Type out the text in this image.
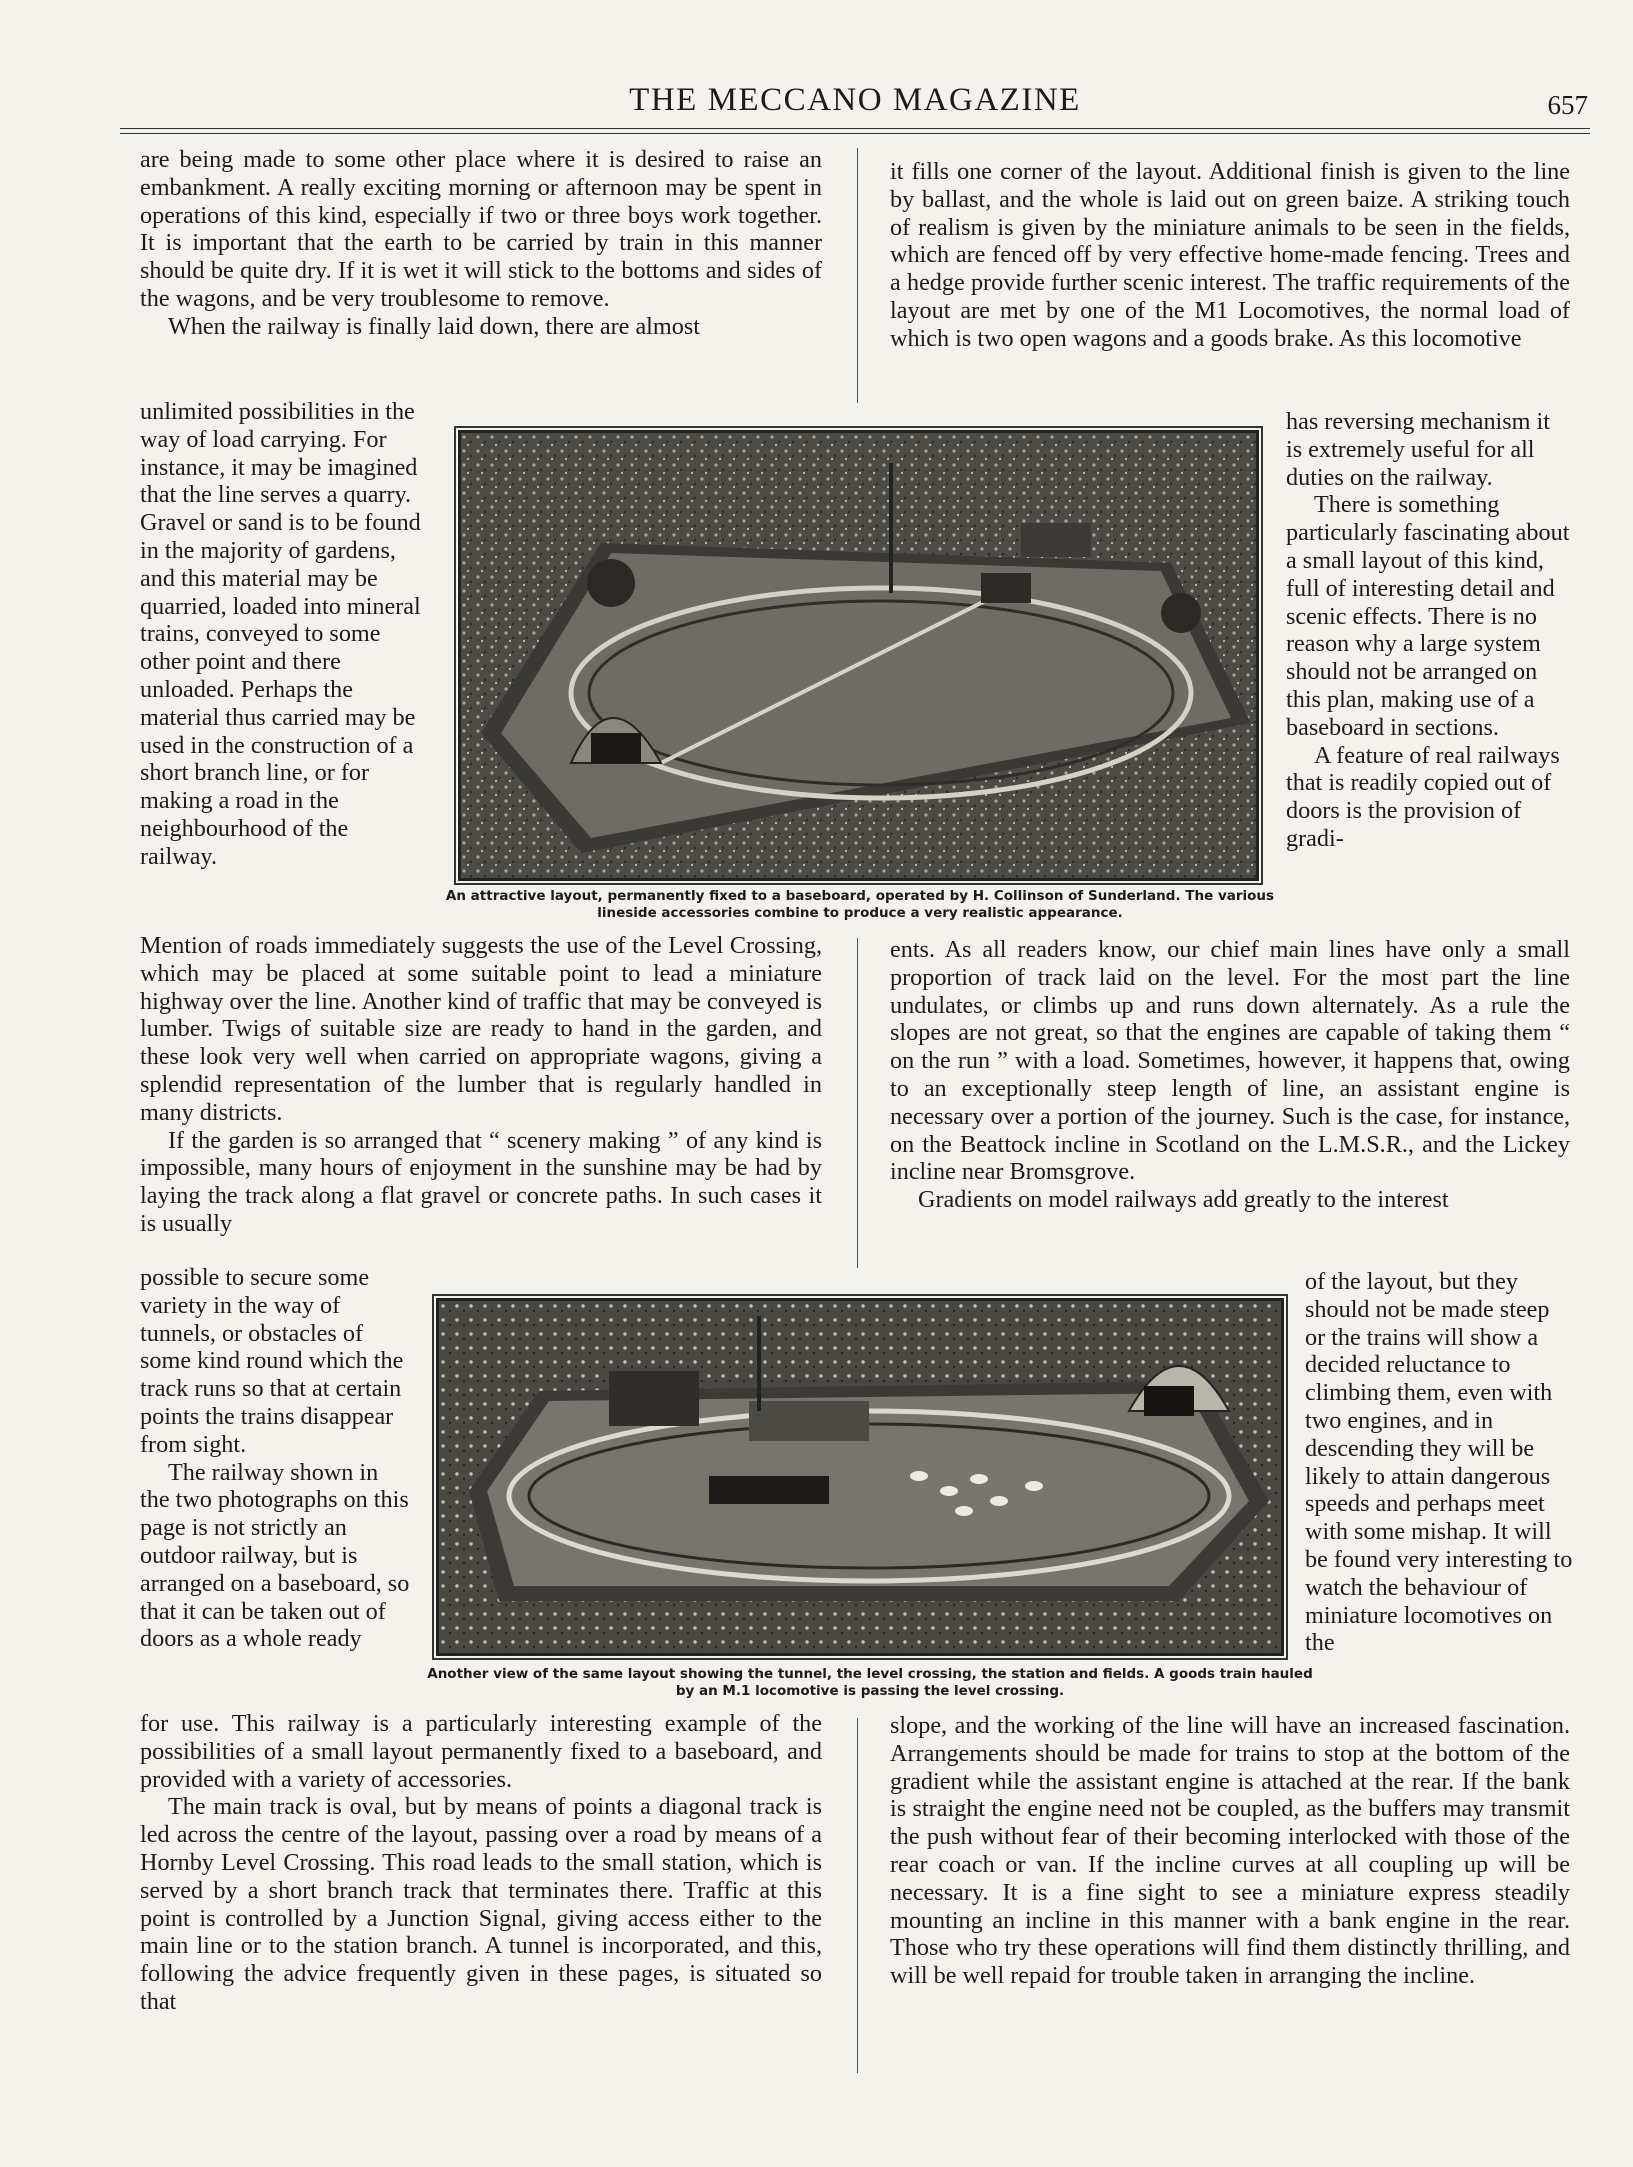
THE MECCANO MAGAZINE	657

are being made to some other place where it is desired to raise an embankment. A really exciting morning or afternoon may be spent in operations of this kind, especially if two or three boys work together. It is important that the earth to be carried by train in this manner should be quite dry. If it is wet it will stick to the bottoms and sides of the wagons, and be very troublesome to remove.

When the railway is finally laid down, there are almost

unlimited possibilities in the way of load carrying. For instance, it may be imagined that the line serves a quarry. Gravel or sand is to be found in the majority of gardens, and this material may be quarried, loaded into mineral trains, conveyed to some other point and there unloaded. Perhaps the material thus carried may be used in the construction of a short branch line, or for making a road in the neighbourhood of the railway.

Mention of roads immediately suggests the use of the Level Crossing, which may be placed at some suitable point to lead a miniature highway over the line. Another kind of traffic that may be conveyed is lumber. Twigs of suitable size are ready to hand in the garden, and these look very well when carried on appropriate wagons, giving a splendid representation of the lumber that is regularly handled in many districts.

If the garden is so arranged that “ scenery making ” of any kind is impossible, many hours of enjoyment in the sunshine may be had by laying the track along a flat gravel or concrete paths. In such cases it is usually

possible to secure some variety in the way of tunnels, or obstacles of some kind round which the track runs so that at certain points the trains disappear from sight.

The railway shown in the two photographs on this page is not strictly an outdoor railway, but is arranged on a baseboard, so that it can be taken out of doors as a whole ready

for use. This railway is a particularly interesting example of the possibilities of a small layout permanently fixed to a baseboard, and provided with a variety of accessories.

The main track is oval, but by means of points a diagonal track is led across the centre of the layout, passing over a road by means of a Hornby Level Crossing. This road leads to the small station, which is served by a short branch track that terminates there. Traffic at this point is controlled by a Junction Signal, giving access either to the main line or to the station branch. A tunnel is incorporated, and this, following the advice frequently given in these pages, is situated so that

it fills one corner of the layout. Additional finish is given to the line by ballast, and the whole is laid out on green baize. A striking touch of realism is given by the miniature animals to be seen in the fields, which are fenced off by very effective home-made fencing. Trees and a hedge provide further scenic interest. The traffic requirements of the layout are met by one of the M1 Locomotives, the normal load of which is two open wagons and a goods brake. As this locomotive

has reversing mechanism it is extremely useful for all duties on the railway.

There is something particularly fascinating about a small layout of this kind, full of interesting detail and scenic effects. There is no reason why a large system should not be arranged on this plan, making use of a baseboard in sections.

A feature of real railways that is readily copied out of doors is the provision of gradi-

ents. As all readers know, our chief main lines have only a small proportion of track laid on the level. For the most part the line undulates, or climbs up and runs down alternately. As a rule the slopes are not great, so that the engines are capable of taking them “ on the run ” with a load. Sometimes, however, it happens that, owing to an exceptionally steep length of line, an assistant engine is necessary over a portion of the journey. Such is the case, for instance, on the Beattock incline in Scotland on the L.M.S.R., and the Lickey incline near Bromsgrove.

Gradients on model railways add greatly to the interest

of the layout, but they should not be made steep or the trains will show a decided reluctance to climbing them, even with two engines, and in descending they will be likely to attain dangerous speeds and perhaps meet with some mishap. It will be found very interesting to watch the behaviour of miniature locomotives on the

slope, and the working of the line will have an increased fascination. Arrangements should be made for trains to stop at the bottom of the gradient while the assistant engine is attached at the rear. If the bank is straight the engine need not be coupled, as the buffers may transmit the push without fear of their becoming interlocked with those of the rear coach or van. If the incline curves at all coupling up will be necessary. It is a fine sight to see a miniature express steadily mounting an incline in this manner with a bank engine in the rear. Those who try these operations will find them distinctly thrilling, and will be well repaid for trouble taken in arranging the incline.

An attractive layout, permanently fixed to a baseboard, operated by H. Collinson of Sunderland. The various lineside accessories combine to produce a very realistic appearance.
Another view of the same layout showing the tunnel, the level crossing, the station and fields. A goods train hauled by an M.1 locomotive is passing the level crossing.
